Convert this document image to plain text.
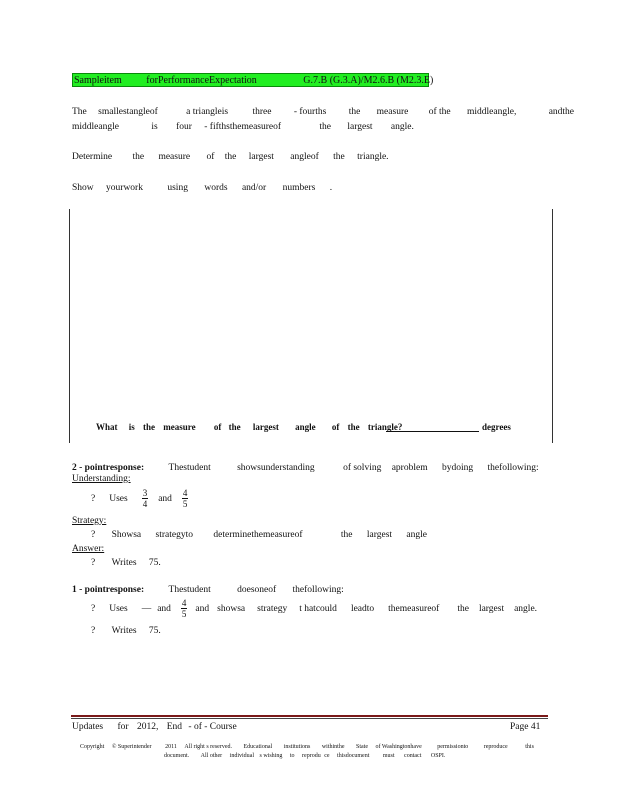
Sampleitem forPerformanceExpectation	G.7.B (G.3.A)/M2.6.B (M2.3.E)
The smallestangleof	a triangleis	three - fourths the measure of the middleangle,	andthe
middleangle	is four - fifthsthemeasureof	the largest angle.
Determine the measure of the largest angleof the triangle.
Show yourwork	using words and/or numbers .
What is the measure of the largest angle of the triangle?	degrees
2 - pointresponse:	Thestudent	showsunderstanding	of solving aproblem bydoing thefollowing:
Understanding:
? Uses $\frac{3}{4}$ and $\frac{4}{5}$
Strategy:
? Showsa strategyto determinethemeasureof	the largest angle
Answer:
? Writes 75.
1 - pointresponse:	Thestudent	doesoneof thefollowing:
? Uses — and $\frac{4}{5}$ and showsa strategy t hatcould leadto themeasureof the largest angle.
? Writes 75.
Updates for 2012, End - of - Course	Page 41
Copyright © Superintender 2011 All right s reserved. Educational institutions withinthe State of Washingtonhave	permissionto	reproduce	this
document. All other individual s wishing to reprodu ce thisdocument must contact OSPI.
